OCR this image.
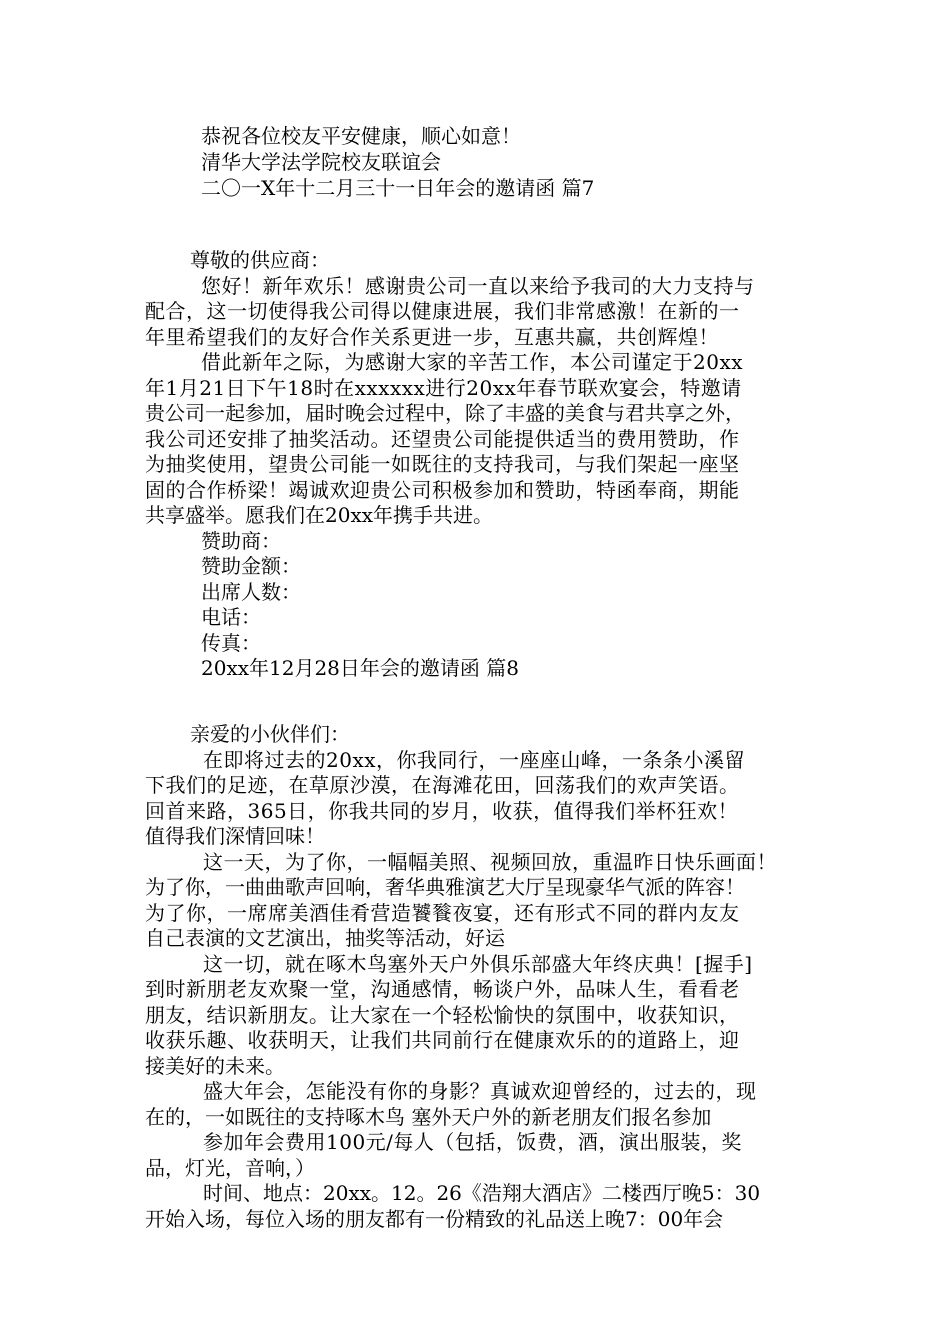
恭祝各位校友平安健康，顺心如意！
清华大学法学院校友联谊会
二〇一X年十二月三十一日年会的邀请函 篇7
尊敬的供应商：
您好！新年欢乐！感谢贵公司一直以来给予我司的大力支持与
配合，这一切使得我公司得以健康进展，我们非常感激！在新的一
年里希望我们的友好合作关系更进一步，互惠共赢，共创辉煌！
借此新年之际，为感谢大家的辛苦工作，本公司谨定于20xx
年1月21日下午18时在xxxxxx进行20xx年春节联欢宴会，特邀请
贵公司一起参加，届时晚会过程中，除了丰盛的美食与君共享之外，
我公司还安排了抽奖活动。还望贵公司能提供适当的费用赞助，作
为抽奖使用，望贵公司能一如既往的支持我司，与我们架起一座坚
固的合作桥梁！竭诚欢迎贵公司积极参加和赞助，特函奉商，期能
共享盛举。愿我们在20xx年携手共进。
赞助商：
赞助金额：
出席人数：
电话：
传真：
20xx年12月28日年会的邀请函 篇8
亲爱的小伙伴们：
在即将过去的20xx，你我同行，一座座山峰，一条条小溪留
下我们的足迹，在草原沙漠，在海滩花田，回荡我们的欢声笑语。
回首来路，365日，你我共同的岁月，收获，值得我们举杯狂欢！
值得我们深情回味！
这一天，为了你，一幅幅美照、视频回放，重温昨日快乐画面！
为了你，一曲曲歌声回响，奢华典雅演艺大厅呈现豪华气派的阵容！
为了你，一席席美酒佳肴营造饕餮夜宴，还有形式不同的群内友友
自己表演的文艺演出，抽奖等活动，好运
这一切，就在啄木鸟塞外天户外俱乐部盛大年终庆典！[握手]
到时新朋老友欢聚一堂，沟通感情，畅谈户外，品味人生，看看老
朋友，结识新朋友。让大家在一个轻松愉快的氛围中，收获知识，
收获乐趣、收获明天，让我们共同前行在健康欢乐的的道路上，迎
接美好的未来。
盛大年会，怎能没有你的身影？真诚欢迎曾经的，过去的，现
在的，一如既往的支持啄木鸟 塞外天户外的新老朋友们报名参加
参加年会费用100元/每人（包括，饭费，酒，演出服装，奖
品，灯光，音响，）
时间、地点：20xx。12。26《浩翔大酒店》二楼西厅晚5：30
开始入场，每位入场的朋友都有一份精致的礼品送上晚7：00年会
